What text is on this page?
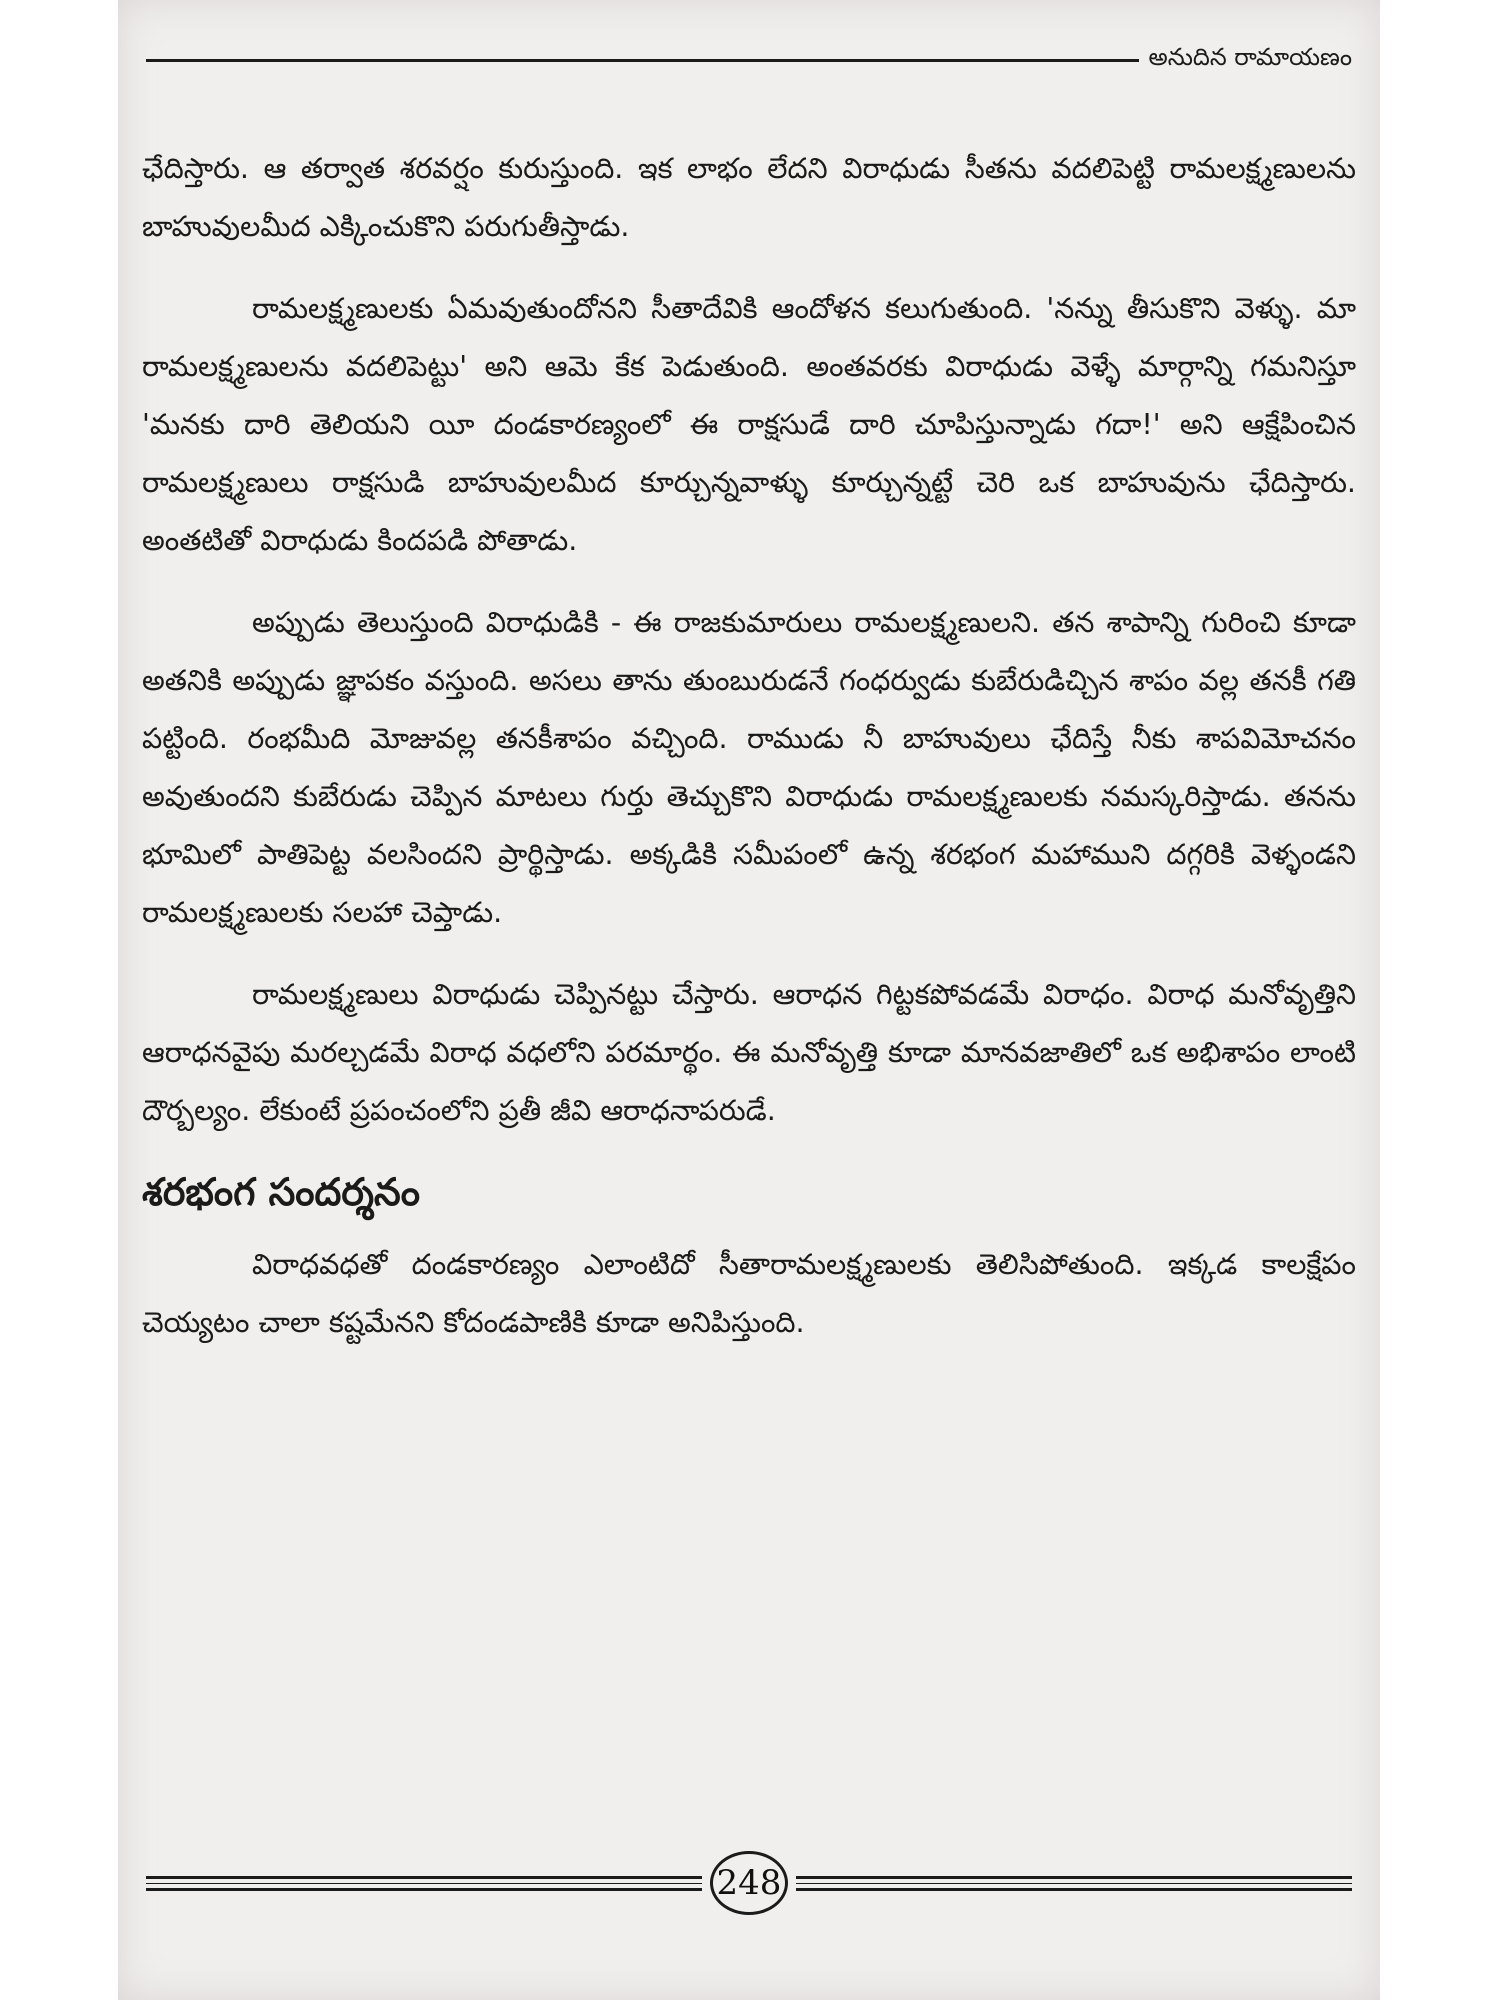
అనుదిన రామాయణం

ఛేదిస్తారు. ఆ తర్వాత శరవర్షం కురుస్తుంది. ఇక లాభం లేదని విరాధుడు సీతను వదలిపెట్టి రామలక్ష్మణులను బాహువులమీద ఎక్కించుకొని పరుగుతీస్తాడు.

రామలక్ష్మణులకు ఏమవుతుందోనని సీతాదేవికి ఆందోళన కలుగుతుంది. 'నన్ను తీసుకొని వెళ్ళు. మా రామలక్ష్మణులను వదలిపెట్టు' అని ఆమె కేక పెడుతుంది. అంతవరకు విరాధుడు వెళ్ళే మార్గాన్ని గమనిస్తూ 'మనకు దారి తెలియని యీ దండకారణ్యంలో ఈ రాక్షసుడే దారి చూపిస్తున్నాడు గదా!' అని ఆక్షేపించిన రామలక్ష్మణులు రాక్షసుడి బాహువులమీద కూర్చున్నవాళ్ళు కూర్చున్నట్టే చెరి ఒక బాహువును ఛేదిస్తారు. అంతటితో విరాధుడు కిందపడి పోతాడు.

అప్పుడు తెలుస్తుంది విరాధుడికి - ఈ రాజకుమారులు రామలక్ష్మణులని. తన శాపాన్ని గురించి కూడా అతనికి అప్పుడు జ్ఞాపకం వస్తుంది. అసలు తాను తుంబురుడనే గంధర్వుడు కుబేరుడిచ్చిన శాపం వల్ల తనకీ గతి పట్టింది. రంభమీది మోజువల్ల తనకీశాపం వచ్చింది. రాముడు నీ బాహువులు ఛేదిస్తే నీకు శాపవిమోచనం అవుతుందని కుబేరుడు చెప్పిన మాటలు గుర్తు తెచ్చుకొని విరాధుడు రామలక్ష్మణులకు నమస్కరిస్తాడు. తనను భూమిలో పాతిపెట్ట వలసిందని ప్రార్థిస్తాడు. అక్కడికి సమీపంలో ఉన్న శరభంగ మహాముని దగ్గరికి వెళ్ళండని రామలక్ష్మణులకు సలహా చెప్తాడు.

రామలక్ష్మణులు విరాధుడు చెప్పినట్టు చేస్తారు. ఆరాధన గిట్టకపోవడమే విరాధం. విరాధ మనోవృత్తిని ఆరాధనవైపు మరల్చడమే విరాధ వధలోని పరమార్థం. ఈ మనోవృత్తి కూడా మానవజాతిలో ఒక అభిశాపం లాంటి దౌర్బల్యం. లేకుంటే ప్రపంచంలోని ప్రతీ జీవి ఆరాధనాపరుడే.

శరభంగ సందర్శనం

విరాధవధతో దండకారణ్యం ఎలాంటిదో సీతారామలక్ష్మణులకు తెలిసిపోతుంది. ఇక్కడ కాలక్షేపం చెయ్యటం చాలా కష్టమేనని కోదండపాణికి కూడా అనిపిస్తుంది.

248
